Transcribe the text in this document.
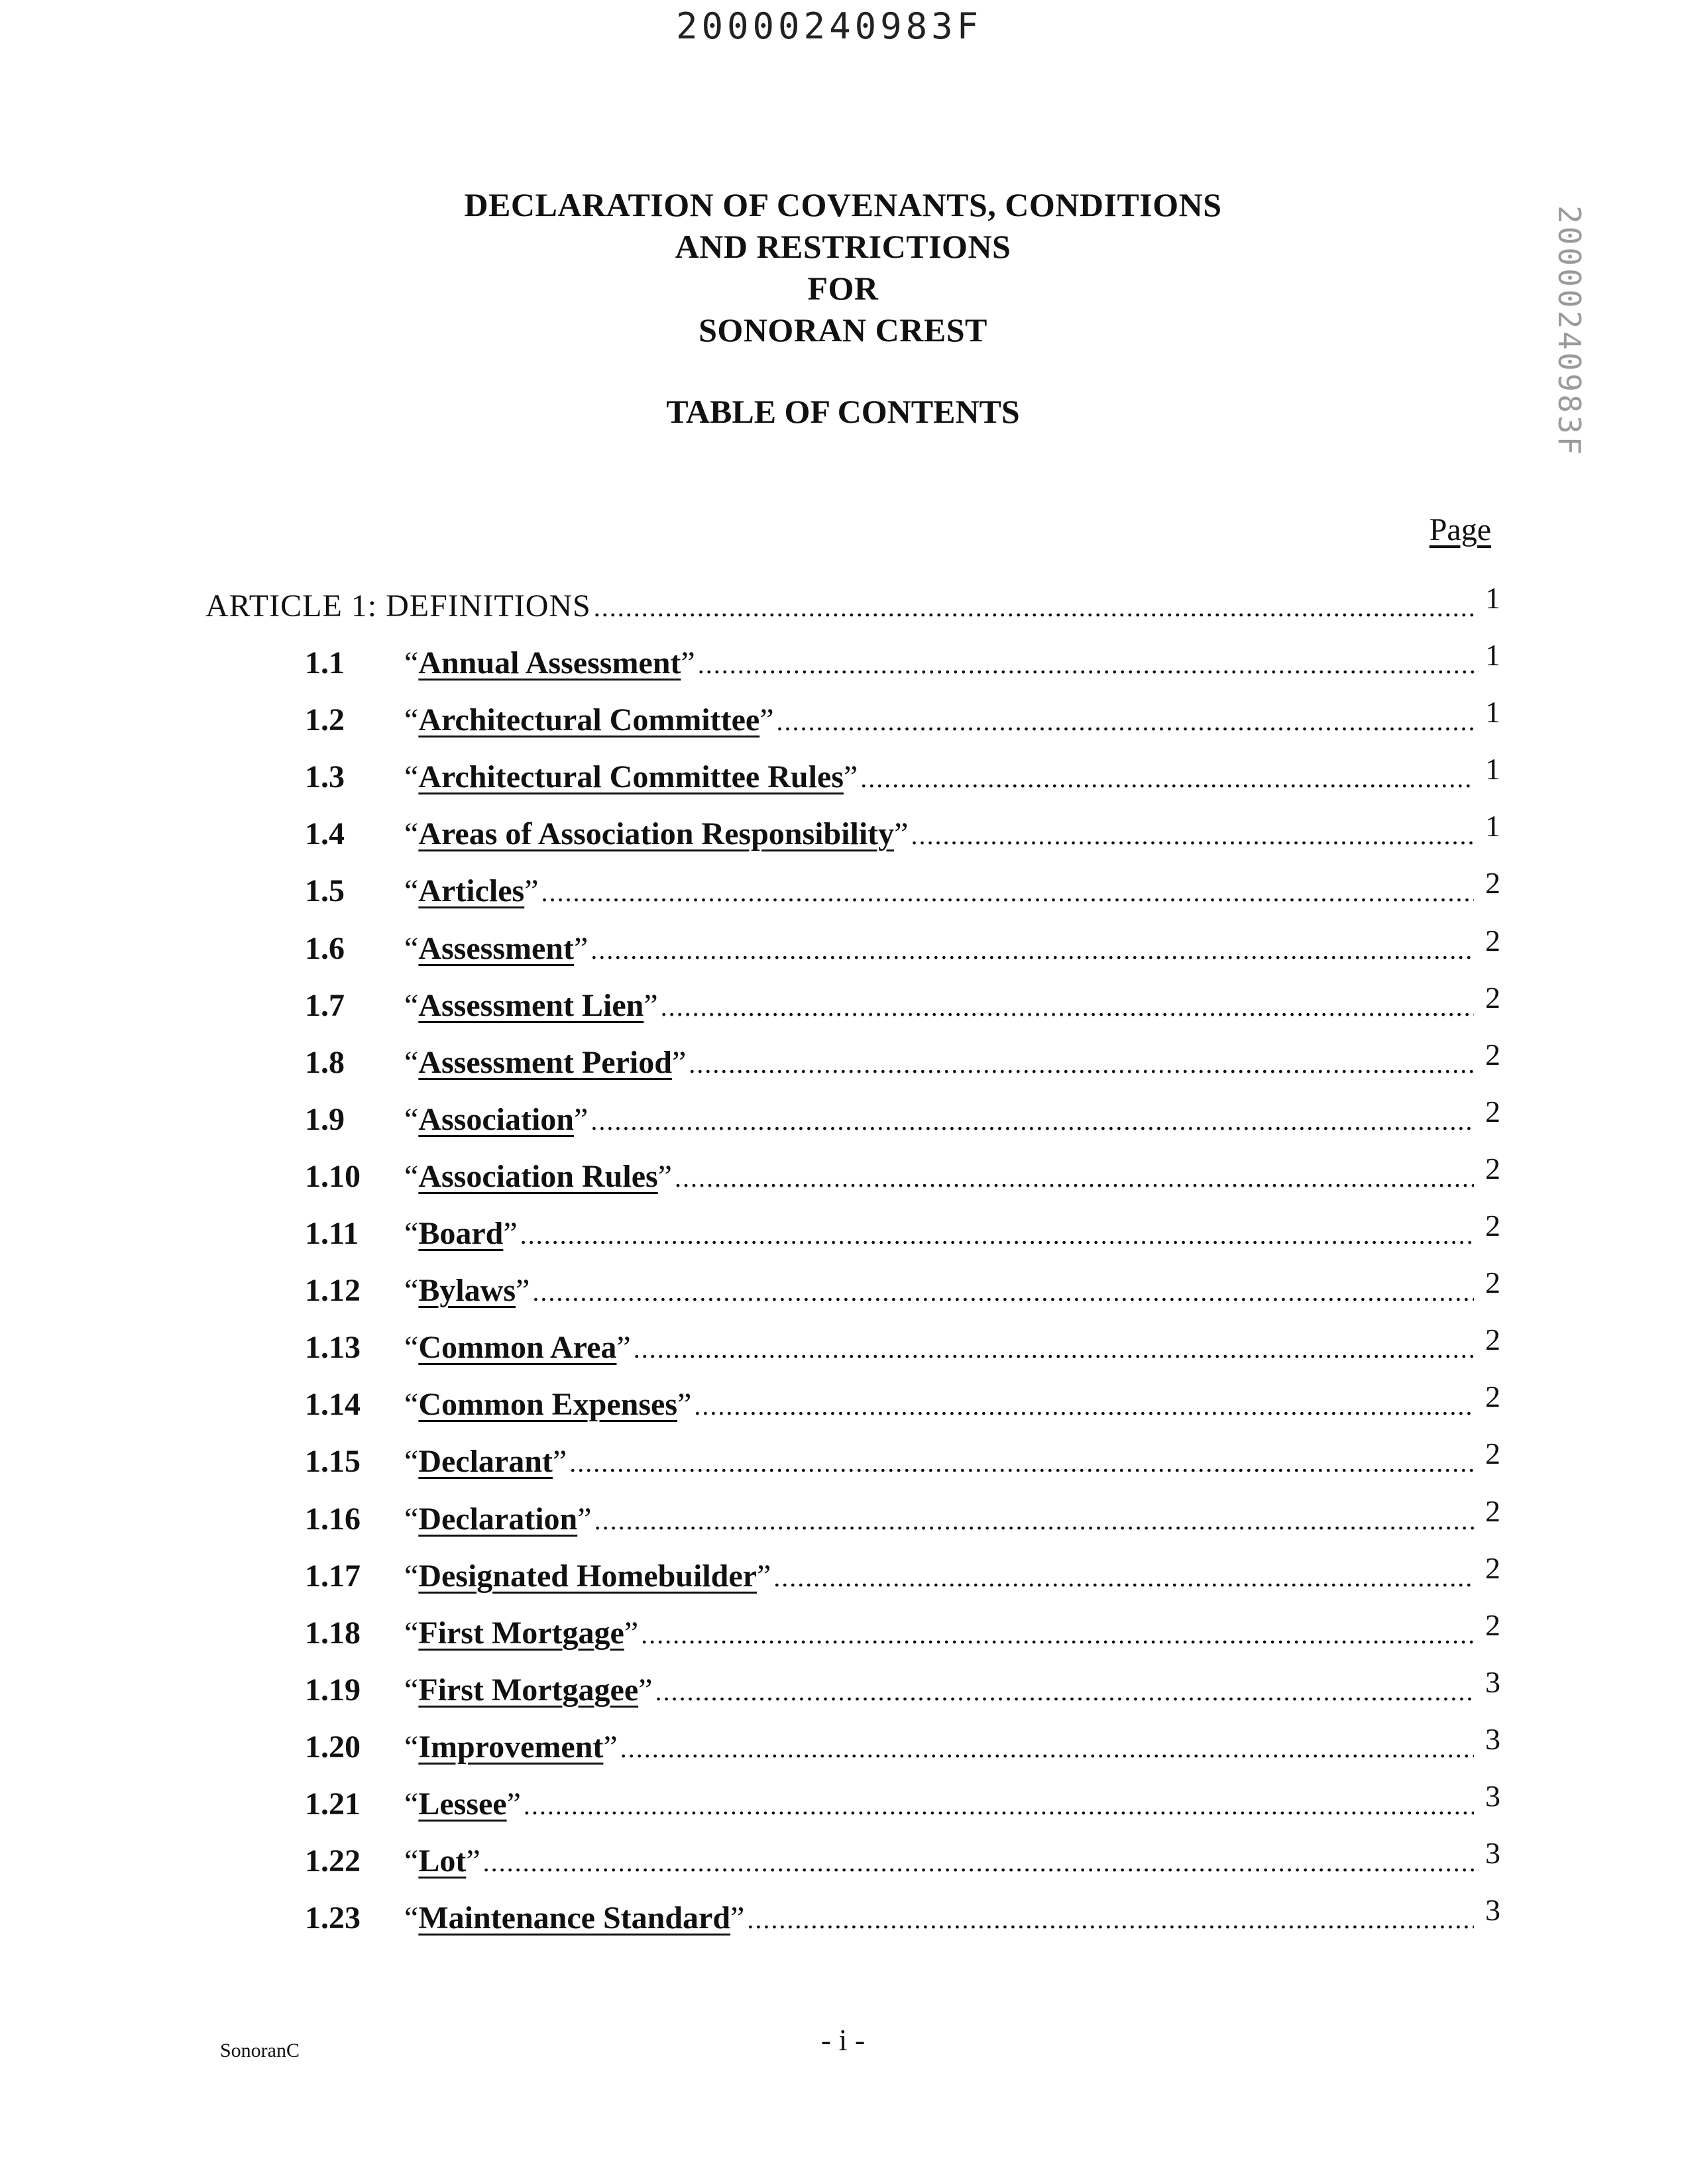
20000240983F
20000240983F
DECLARATION OF COVENANTS, CONDITIONS
AND RESTRICTIONS
FOR
SONORAN CREST
TABLE OF CONTENTS
Page
ARTICLE 1: DEFINITIONS . . .	1
1.1	“Annual Assessment” . . .	1
1.2	“Architectural Committee” . . .	1
1.3	“Architectural Committee Rules” . . .	1
1.4	“Areas of Association Responsibility” . . .	1
1.5	“Articles” . . .	2
1.6	“Assessment” . . .	2
1.7	“Assessment Lien” . . .	2
1.8	“Assessment Period” . . .	2
1.9	“Association” . . .	2
1.10	“Association Rules” . . .	2
1.11	“Board” . . .	2
1.12	“Bylaws” . . .	2
1.13	“Common Area” . . .	2
1.14	“Common Expenses” . . .	2
1.15	“Declarant” . . .	2
1.16	“Declaration” . . .	2
1.17	“Designated Homebuilder” . . .	2
1.18	“First Mortgage” . . .	2
1.19	“First Mortgagee” . . .	3
1.20	“Improvement” . . .	3
1.21	“Lessee” . . .	3
1.22	“Lot” . . .	3
1.23	“Maintenance Standard” . . .	3
SonoranC	- i -
